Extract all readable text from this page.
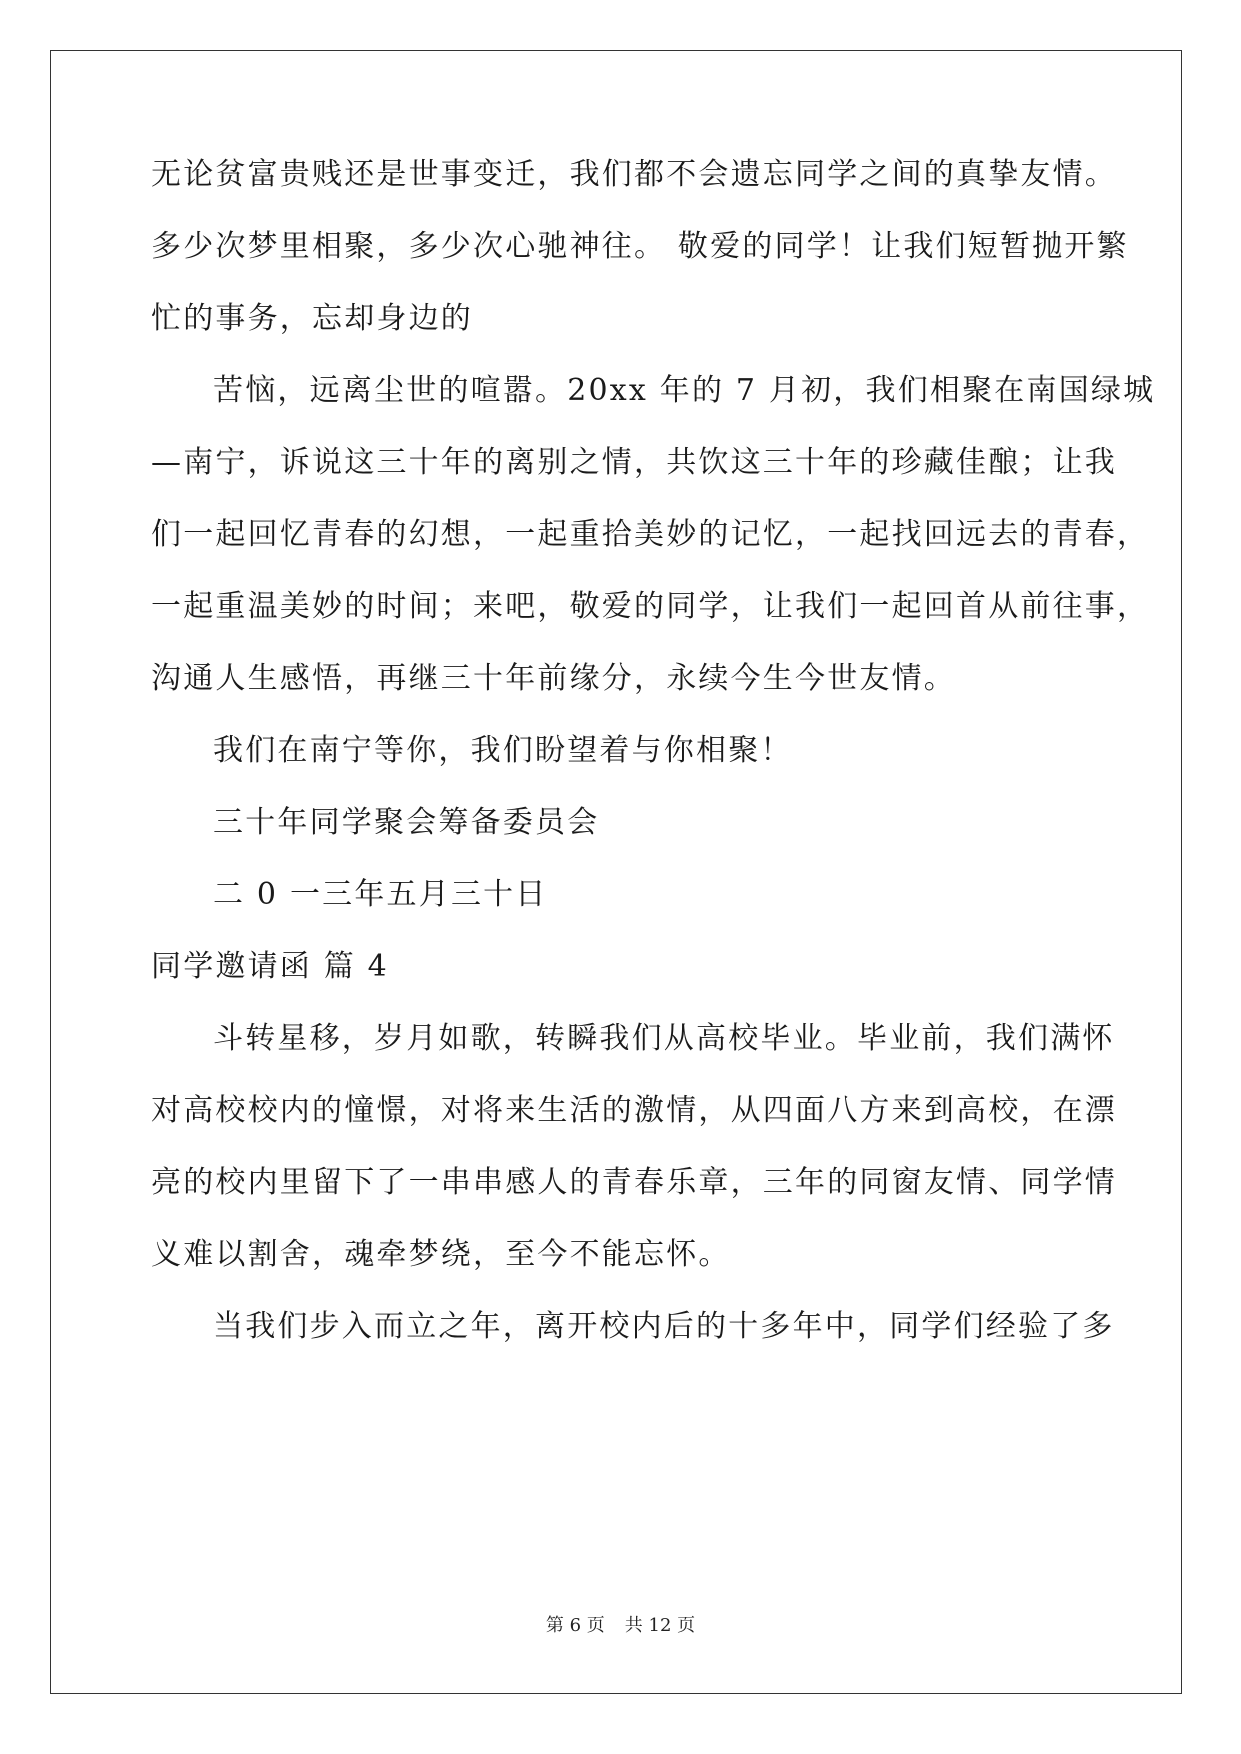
无论贫富贵贱还是世事变迁，我们都不会遗忘同学之间的真挚友情。
多少次梦里相聚，多少次心驰神往。 敬爱的同学！让我们短暂抛开繁
忙的事务，忘却身边的
苦恼，远离尘世的喧嚣。20xx 年的 7 月初，我们相聚在南国绿城
—南宁，诉说这三十年的离别之情，共饮这三十年的珍藏佳酿；让我
们一起回忆青春的幻想，一起重拾美妙的记忆，一起找回远去的青春，
一起重温美妙的时间；来吧，敬爱的同学，让我们一起回首从前往事，
沟通人生感悟，再继三十年前缘分，永续今生今世友情。
我们在南宁等你，我们盼望着与你相聚！
三十年同学聚会筹备委员会
二 0 一三年五月三十日
同学邀请函 篇 4
斗转星移，岁月如歌，转瞬我们从高校毕业。毕业前，我们满怀
对高校校内的憧憬，对将来生活的激情，从四面八方来到高校，在漂
亮的校内里留下了一串串感人的青春乐章，三年的同窗友情、同学情
义难以割舍，魂牵梦绕，至今不能忘怀。
当我们步入而立之年，离开校内后的十多年中，同学们经验了多
第 6 页 共 12 页
